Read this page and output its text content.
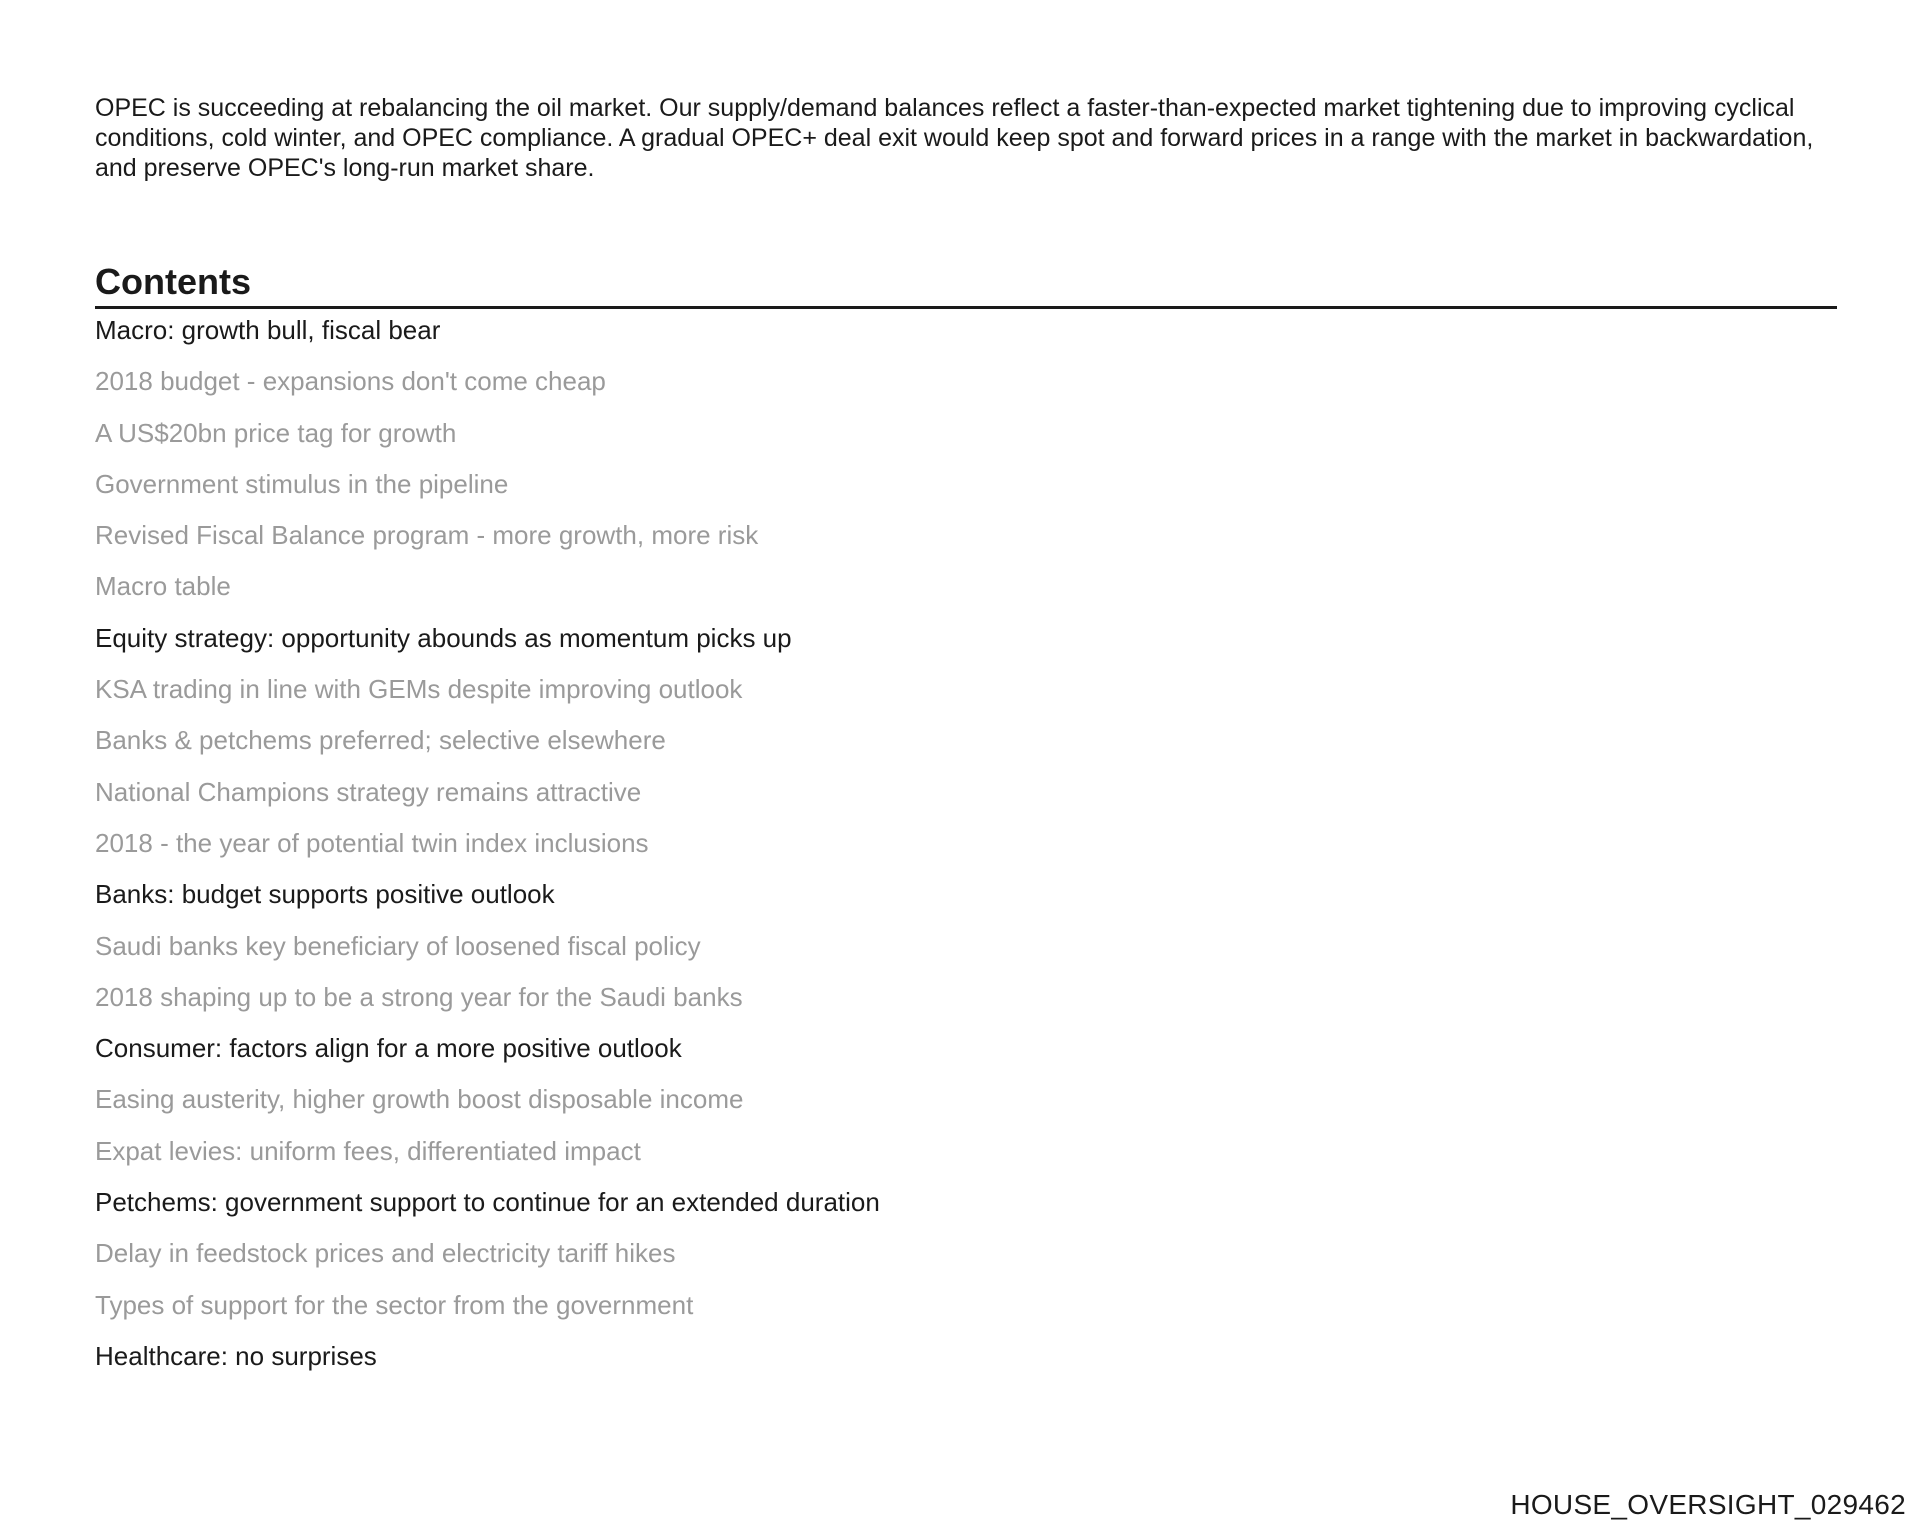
OPEC is succeeding at rebalancing the oil market. Our supply/demand balances reflect a faster-than-expected market tightening due to improving cyclical conditions, cold winter, and OPEC compliance. A gradual OPEC+ deal exit would keep spot and forward prices in a range with the market in backwardation, and preserve OPEC's long-run market share.

Contents
Macro: growth bull, fiscal bear
2018 budget - expansions don't come cheap
A US$20bn price tag for growth
Government stimulus in the pipeline
Revised Fiscal Balance program - more growth, more risk
Macro table
Equity strategy: opportunity abounds as momentum picks up
KSA trading in line with GEMs despite improving outlook
Banks & petchems preferred; selective elsewhere
National Champions strategy remains attractive
2018 - the year of potential twin index inclusions
Banks: budget supports positive outlook
Saudi banks key beneficiary of loosened fiscal policy
2018 shaping up to be a strong year for the Saudi banks
Consumer: factors align for a more positive outlook
Easing austerity, higher growth boost disposable income
Expat levies: uniform fees, differentiated impact
Petchems: government support to continue for an extended duration
Delay in feedstock prices and electricity tariff hikes
Types of support for the sector from the government
Healthcare: no surprises
HOUSE_OVERSIGHT_029462
